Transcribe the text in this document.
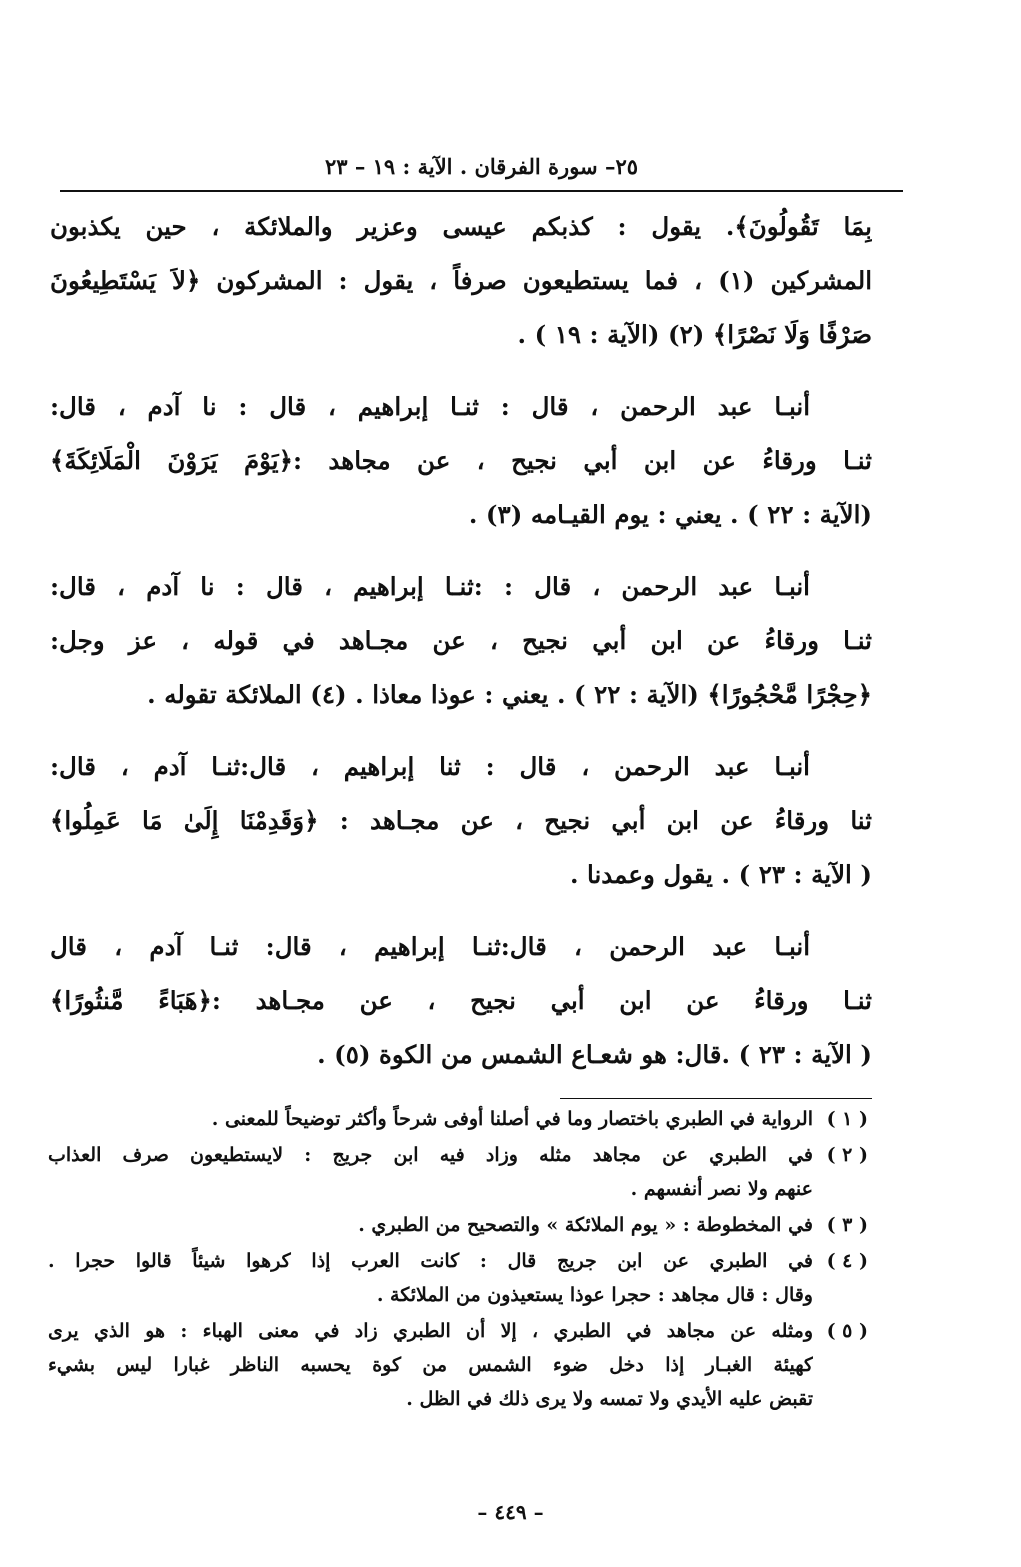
٢٥– سورة الفرقان . الآية : ١٩ – ٢٣
بِمَا تَقُولُونَ﴾. يقول : كذبكم عيسى وعزير والملائكة ، حين يكذبون
المشركين (١) ، فما يستطيعون صرفاً ، يقول : المشركون ﴿لاَ يَسْتَطِيعُونَ
صَرْفًا وَلَا نَصْرًا﴾ (٢) (الآية : ١٩ ) .
أنبـا عبد الرحمن ، قال : ثنـا إبراهيم ، قال : نا آدم ، قال:
ثنـا ورقاءُ عن ابن أبي نجيح ، عن مجاهد :﴿يَوْمَ يَرَوْنَ الْمَلَائِكَةَ﴾
(الآية : ٢٢ ) . يعني : يوم القيـامه (٣) .
أنبـا عبد الرحمن ، قال : :ثنـا إبراهيم ، قال : نا آدم ، قال:
ثنـا ورقاءُ عن ابن أبي نجيح ، عن مجـاهد في قوله ، عز وجل:
﴿حِجْرًا مَّحْجُورًا﴾ (الآية : ٢٢ ) . يعني : عوذا معاذا . (٤) الملائكة تقوله .
أنبـا عبد الرحمن ، قال : ثنا إبراهيم ، قال:ثنـا آدم ، قال:
ثنا ورقاءُ عن ابن أبي نجيح ، عن مجـاهد : ﴿وَقَدِمْنَا إِلَىٰ مَا عَمِلُوا﴾
( الآية : ٢٣ ) . يقول وعمدنا .
أنبـا عبد الرحمن ، قال:ثنـا إبراهيم ، قال: ثنـا آدم ، قال
ثنـا ورقاءُ عن ابن أبي نجيح ، عن مجـاهد :﴿هَبَاءً مَّنثُورًا﴾
( الآية : ٢٣ ) .قال: هو شعـاع الشمس من الكوة (٥) .
( ١ )
الرواية في الطبري باختصار وما في أصلنا أوفى شرحاً وأكثر توضيحاً للمعنى .
( ٢ )
في الطبري عن مجاهد مثله وزاد فيه ابن جريج : لايستطيعون صرف العذاب
عنهم ولا نصر أنفسهم .
( ٣ )
في المخطوطة : « يوم الملائكة » والتصحيح من الطبري .
( ٤ )
في الطبري عن ابن جريج قال : كانت العرب إذا كرهوا شيئاً قالوا حجرا .
وقال : قال مجاهد : حجرا عوذا يستعيذون من الملائكة .
( ٥ )
ومثله عن مجاهد في الطبري ، إلا أن الطبري زاد في معنى الهباء : هو الذي يرى
كهيئة الغبـار إذا دخل ضوء الشمس من كوة يحسبه الناظر غبارا ليس بشيء
تقبض عليه الأيدي ولا تمسه ولا يرى ذلك في الظل .
– ٤٤٩ –
